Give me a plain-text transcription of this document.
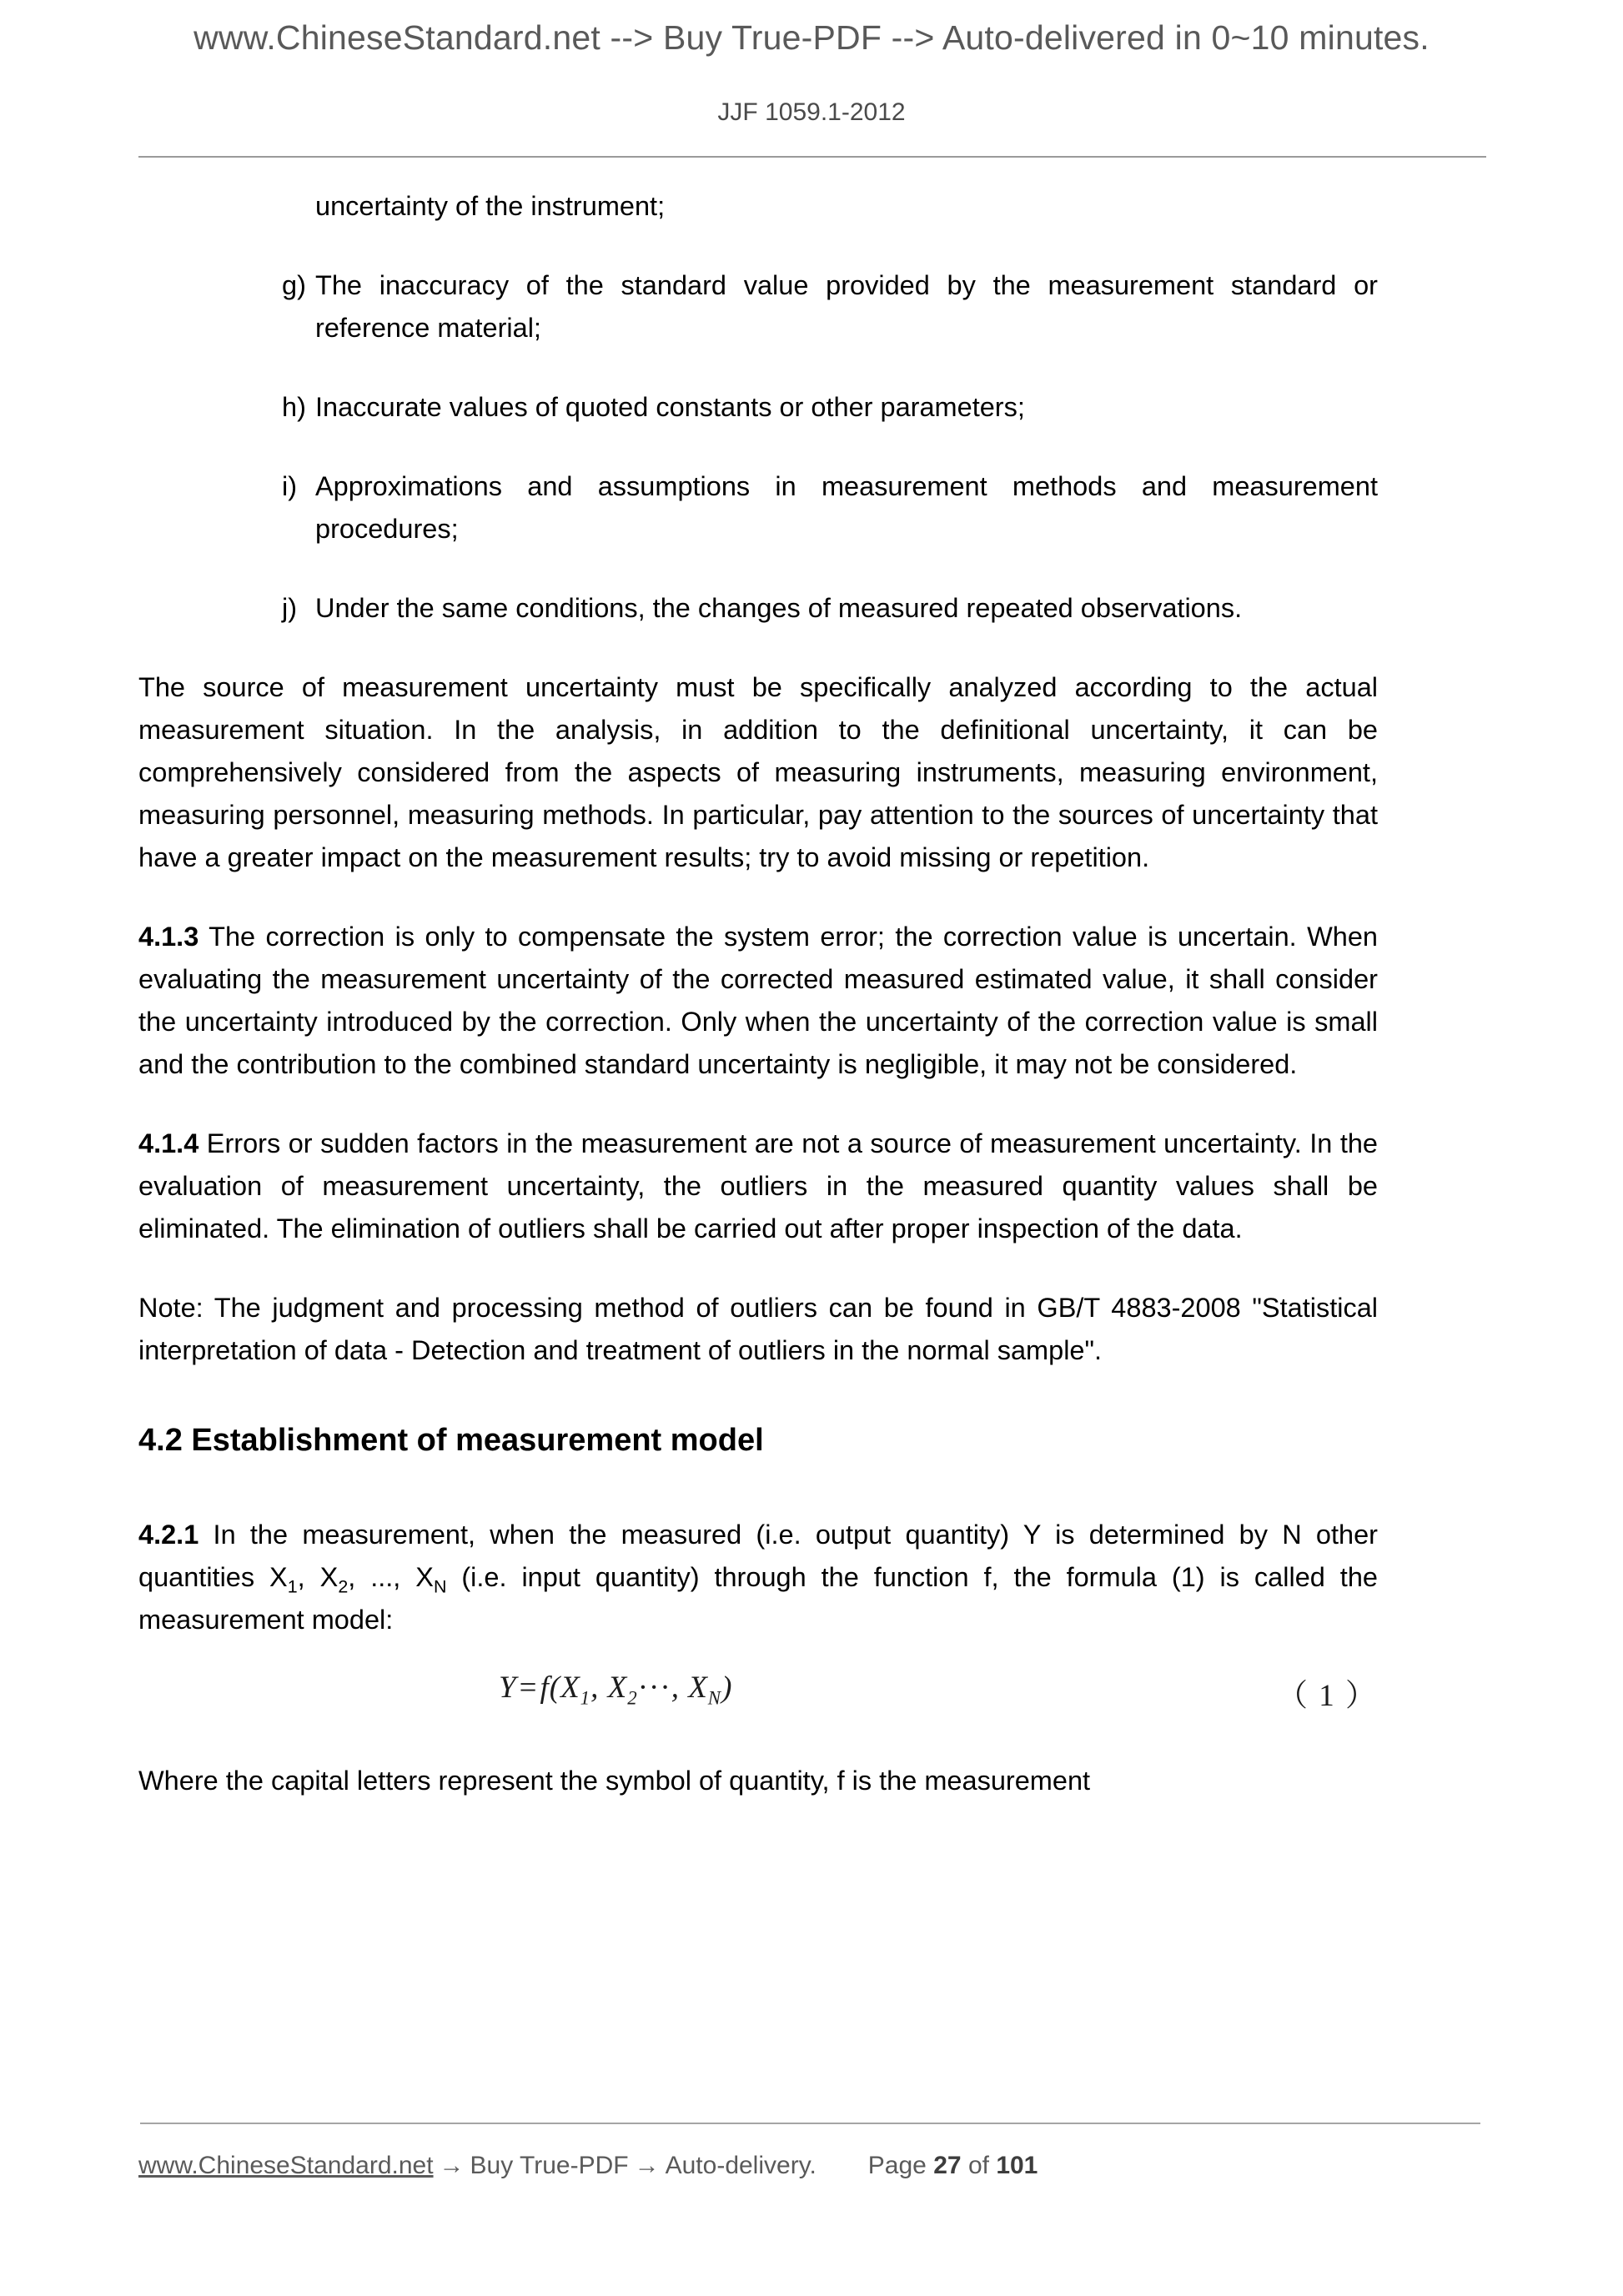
www.ChineseStandard.net --> Buy True-PDF --> Auto-delivered in 0~10 minutes.
JJF 1059.1-2012

uncertainty of the instrument;

g) The inaccuracy of the standard value provided by the measurement standard or reference material;

h) Inaccurate values of quoted constants or other parameters;

i) Approximations and assumptions in measurement methods and measurement procedures;

j) Under the same conditions, the changes of measured repeated observations.

The source of measurement uncertainty must be specifically analyzed according to the actual measurement situation. In the analysis, in addition to the definitional uncertainty, it can be comprehensively considered from the aspects of measuring instruments, measuring environment, measuring personnel, measuring methods. In particular, pay attention to the sources of uncertainty that have a greater impact on the measurement results; try to avoid missing or repetition.

4.1.3 The correction is only to compensate the system error; the correction value is uncertain. When evaluating the measurement uncertainty of the corrected measured estimated value, it shall consider the uncertainty introduced by the correction. Only when the uncertainty of the correction value is small and the contribution to the combined standard uncertainty is negligible, it may not be considered.

4.1.4 Errors or sudden factors in the measurement are not a source of measurement uncertainty. In the evaluation of measurement uncertainty, the outliers in the measured quantity values shall be eliminated. The elimination of outliers shall be carried out after proper inspection of the data.

Note: The judgment and processing method of outliers can be found in GB/T 4883-2008 "Statistical interpretation of data - Detection and treatment of outliers in the normal sample".

4.2 Establishment of measurement model

4.2.1 In the measurement, when the measured (i.e. output quantity) Y is determined by N other quantities $X_1$, $X_2$, ..., $X_N$ (i.e. input quantity) through the function f, the formula (1) is called the measurement model:

$Y=f(X_1$, $X_2\cdot\cdot\cdot$, $X_N$)	（ 1 ）

Where the capital letters represent the symbol of quantity, f is the measurement

www.ChineseStandard.net → Buy True-PDF → Auto-delivery. Page 27 of 101
